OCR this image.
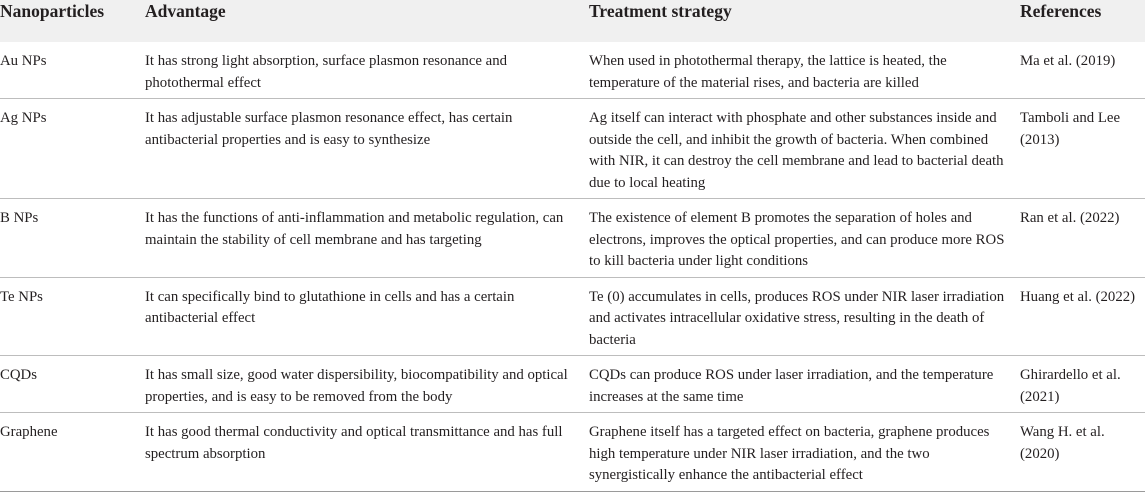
Nanoparticles	Advantage	Treatment strategy	References
Au NPs	It has strong light absorption, surface plasmon resonance and photothermal effect	When used in photothermal therapy, the lattice is heated, the temperature of the material rises, and bacteria are killed	Ma et al. (2019)
Ag NPs	It has adjustable surface plasmon resonance effect, has certain antibacterial properties and is easy to synthesize	Ag itself can interact with phosphate and other substances inside and outside the cell, and inhibit the growth of bacteria. When combined with NIR, it can destroy the cell membrane and lead to bacterial death due to local heating	Tamboli and Lee (2013)
B NPs	It has the functions of anti-inflammation and metabolic regulation, can maintain the stability of cell membrane and has targeting	The existence of element B promotes the separation of holes and electrons, improves the optical properties, and can produce more ROS to kill bacteria under light conditions	Ran et al. (2022)
Te NPs	It can specifically bind to glutathione in cells and has a certain antibacterial effect	Te (0) accumulates in cells, produces ROS under NIR laser irradiation and activates intracellular oxidative stress, resulting in the death of bacteria	Huang et al. (2022)
CQDs	It has small size, good water dispersibility, biocompatibility and optical properties, and is easy to be removed from the body	CQDs can produce ROS under laser irradiation, and the temperature increases at the same time	Ghirardello et al. (2021)
Graphene	It has good thermal conductivity and optical transmittance and has full spectrum absorption	Graphene itself has a targeted effect on bacteria, graphene produces high temperature under NIR laser irradiation, and the two synergistically enhance the antibacterial effect	Wang H. et al. (2020)
